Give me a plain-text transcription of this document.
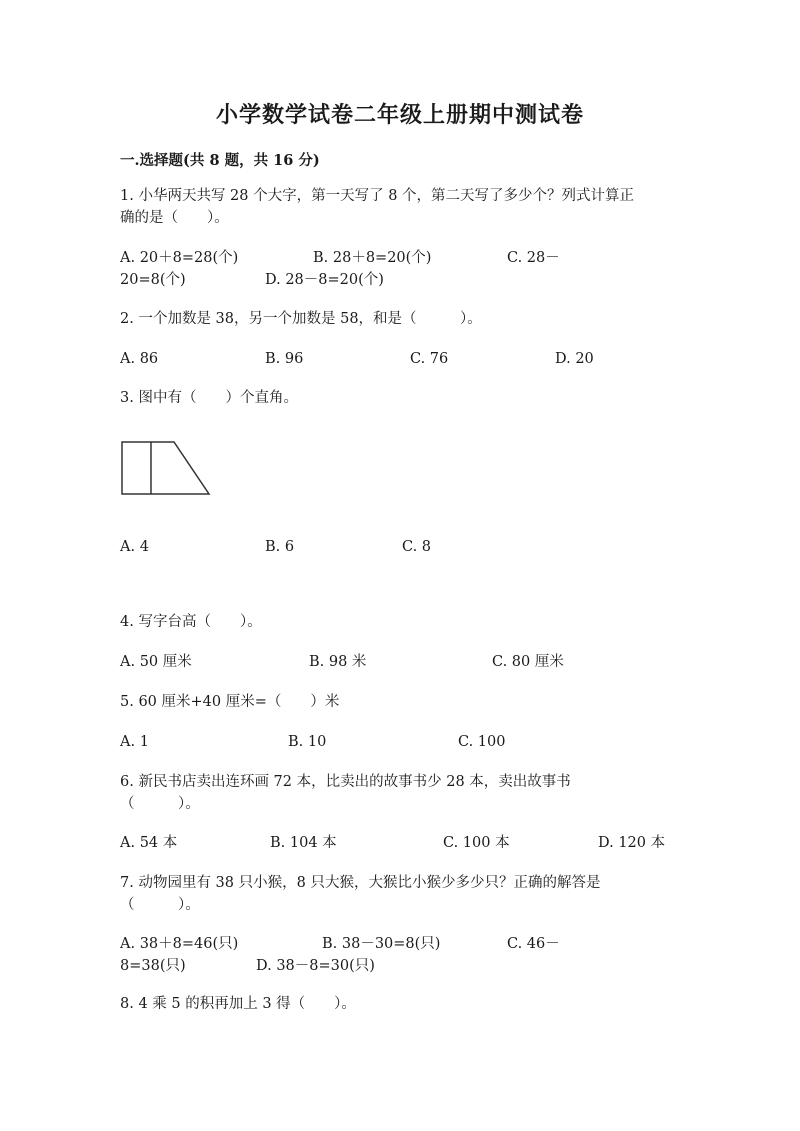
小学数学试卷二年级上册期中测试卷
一.选择题(共 8 题，共 16 分)
1. 小华两天共写 28 个大字，第一天写了 8 个，第二天写了多少个？列式计算正
确的是（　　）。
A. 20＋8=28(个)	B. 28＋8=20(个)	C. 28－
20=8(个)	D. 28－8=20(个)
2. 一个加数是 38，另一个加数是 58，和是（　　　）。
A. 86	B. 96	C. 76	D. 20
3. 图中有（　　）个直角。
A. 4	B. 6	C. 8
4. 写字台高（　　）。
A. 50 厘米	B. 98 米	C. 80 厘米
5. 60 厘米+40 厘米=（　　）米
A. 1	B. 10	C. 100
6. 新民书店卖出连环画 72 本，比卖出的故事书少 28 本，卖出故事书
（　　　）。
A. 54 本	B. 104 本	C. 100 本	D. 120 本
7. 动物园里有 38 只小猴，8 只大猴，大猴比小猴少多少只？正确的解答是
（　　　）。
A. 38＋8=46(只)	B. 38－30=8(只)	C. 46－
8=38(只)	D. 38－8=30(只)
8. 4 乘 5 的积再加上 3 得（　　）。
